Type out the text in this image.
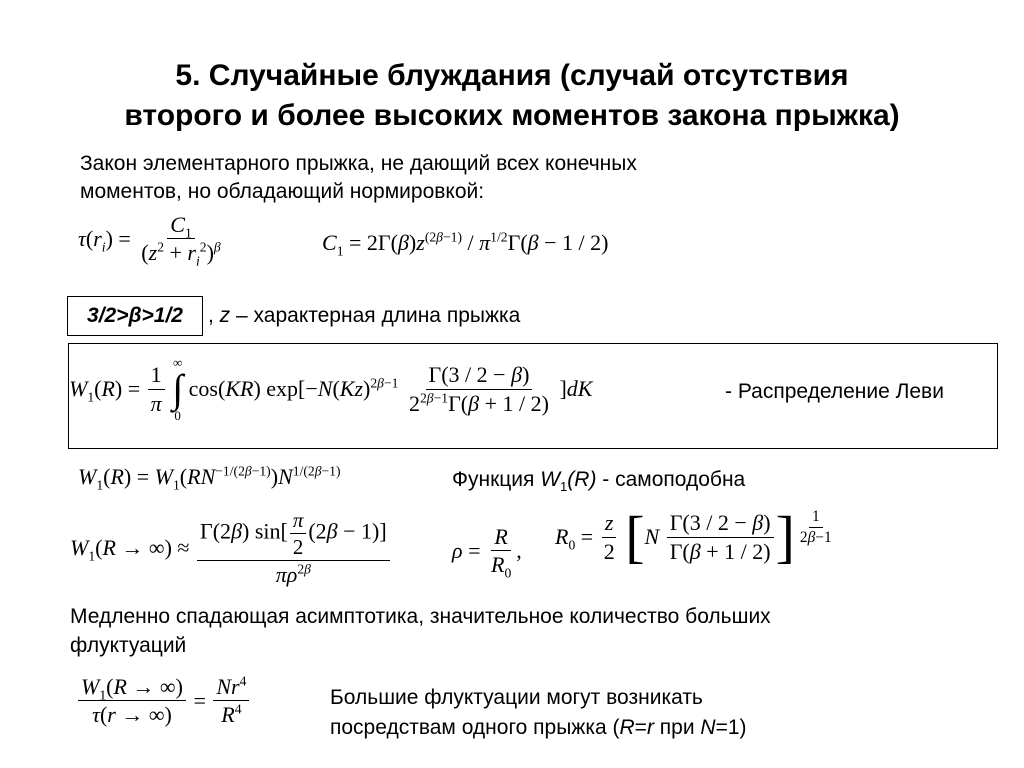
5. Случайные блуждания (случай отсутствия
второго и более высоких моментов закона прыжка)
Закон элементарного прыжка, не дающий всех конечных
моментов, но обладающий нормировкой:
$\tau(r_i) = \frac{C_1}{(z^2 + r_i^2)^\beta}$	$C_1 = 2\Gamma(\beta)z^{(2\beta-1)} / \pi^{1/2}\Gamma(\beta - 1 / 2)$
3/2>β>1/2	, z – характерная длина прыжка
$W_1(R) = \frac{1}{\pi}$
∞
∫
0
cos(KR) $\exp[-N(Kz)^{2\beta-1} \frac{\Gamma(3 / 2 - \beta)}{2^{2\beta-1}\Gamma(\beta + 1 / 2)} ]dK$	- Распределение Леви
$W_1(R) = W_1(RN^{-1/(2\beta-1)})N^{1/(2\beta-1)}$	Функция $W_1(R)$ - самоподобна
$W_1(R$ → ∞) ≈ $\frac{\Gamma(2\beta) \sin[ \frac{\pi}{2} (2\beta - 1)]}{\pi\rho^{2\beta}}$	$\rho = \frac{R}{R_0}$ ,
$R_0 = \frac{z}{2} [N \frac{\Gamma(3 / 2 - \beta)}{\Gamma(\beta + 1 / 2)}$ ] $\frac{1}{2\beta-1}$
Медленно спадающая асимптотика, значительное количество больших
флуктуаций
$\frac{W_1(R \to \infty)}{\tau(r \to \infty)} = \frac{Nr^4}{R^4}$	Большие флуктуации могут возникать
посредствам одного прыжка (R=r при N=1)
